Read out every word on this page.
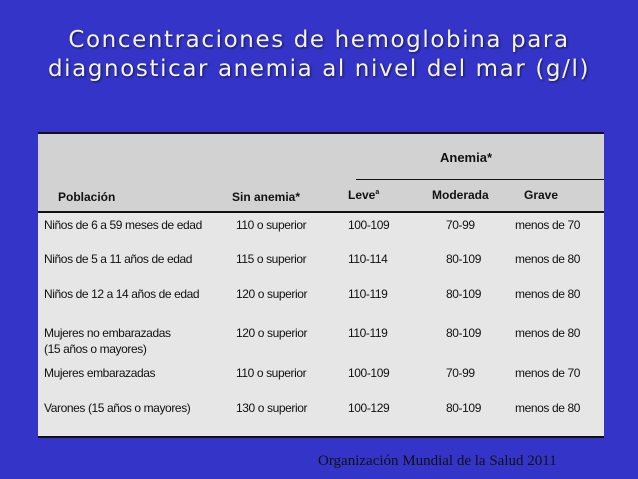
Concentraciones de hemoglobina para
diagnosticar anemia al nivel del mar (g/l)
Anemia*
Población	Sin anemia*	Leve$^a$	Moderada	Grave
Niños de 6 a 59 meses de edad	110 o superior	100-109	70-99	menos de 70
Niños de 5 a 11 años de edad	115 o superior	110-114	80-109	menos de 80
Niños de 12 a 14 años de edad	120 o superior	110-119	80-109	menos de 80
Mujeres no embarazadas	120 o superior	110-119	80-109	menos de 80
(15 años o mayores)
Mujeres embarazadas	110 o superior	100-109	70-99	menos de 70
Varones (15 años o mayores)	130 o superior	100-129	80-109	menos de 80
Organización Mundial de la Salud 2011
